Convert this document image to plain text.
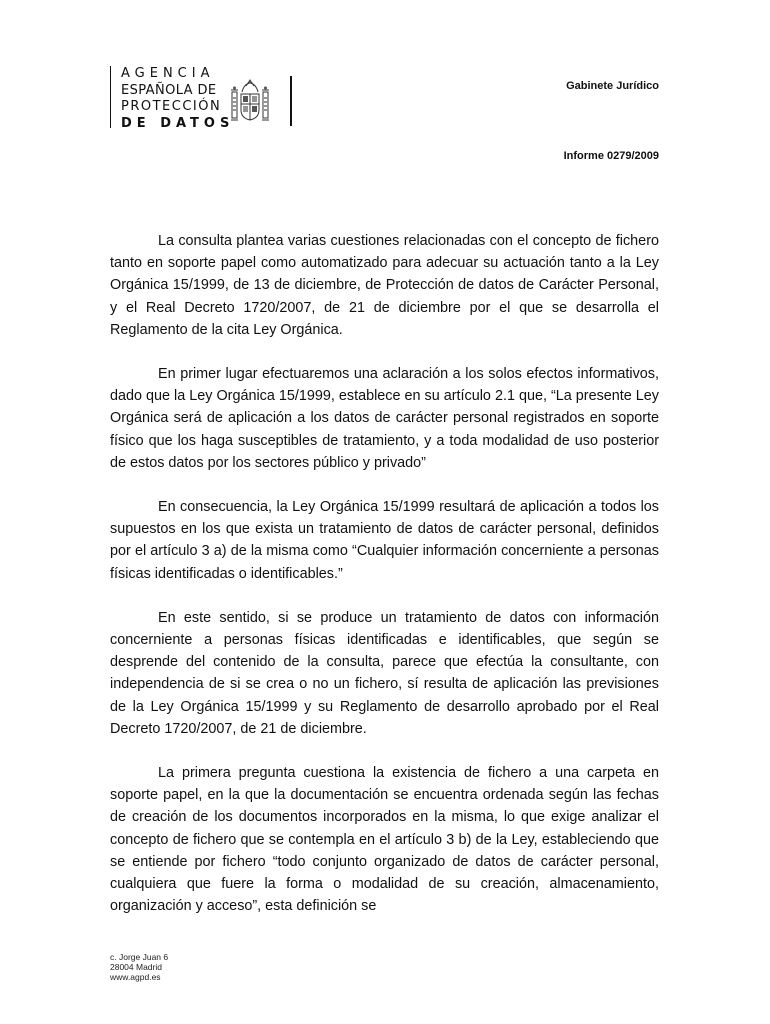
AGENCIA
ESPAÑOLA DE
PROTECCIÓN
DE DATOS
Gabinete Jurídico
Informe 0279/2009

La consulta plantea varias cuestiones relacionadas con el concepto de fichero tanto en soporte papel como automatizado para adecuar su actuación tanto a la Ley Orgánica 15/1999, de 13 de diciembre, de Protección de datos de Carácter Personal, y el Real Decreto 1720/2007, de 21 de diciembre por el que se desarrolla el Reglamento de la cita Ley Orgánica.

En primer lugar efectuaremos una aclaración a los solos efectos informativos, dado que la Ley Orgánica 15/1999, establece en su artículo 2.1 que, “La presente Ley Orgánica será de aplicación a los datos de carácter personal registrados en soporte físico que los haga susceptibles de tratamiento, y a toda modalidad de uso posterior de estos datos por los sectores público y privado”

En consecuencia, la Ley Orgánica 15/1999 resultará de aplicación a todos los supuestos en los que exista un tratamiento de datos de carácter personal, definidos por el artículo 3 a) de la misma como “Cualquier información concerniente a personas físicas identificadas o identificables.”

En este sentido, si se produce un tratamiento de datos con información concerniente a personas físicas identificadas e identificables, que según se desprende del contenido de la consulta, parece que efectúa la consultante, con independencia de si se crea o no un fichero, sí resulta de aplicación las previsiones de la Ley Orgánica 15/1999 y su Reglamento de desarrollo aprobado por el Real Decreto 1720/2007, de 21 de diciembre.

La primera pregunta cuestiona la existencia de fichero a una carpeta en soporte papel, en la que la documentación se encuentra ordenada según las fechas de creación de los documentos incorporados en la misma, lo que exige analizar el concepto de fichero que se contempla en el artículo 3 b) de la Ley, estableciendo que se entiende por fichero “todo conjunto organizado de datos de carácter personal, cualquiera que fuere la forma o modalidad de su creación, almacenamiento, organización y acceso”, esta definición se

c. Jorge Juan 6
28004 Madrid
www.agpd.es
